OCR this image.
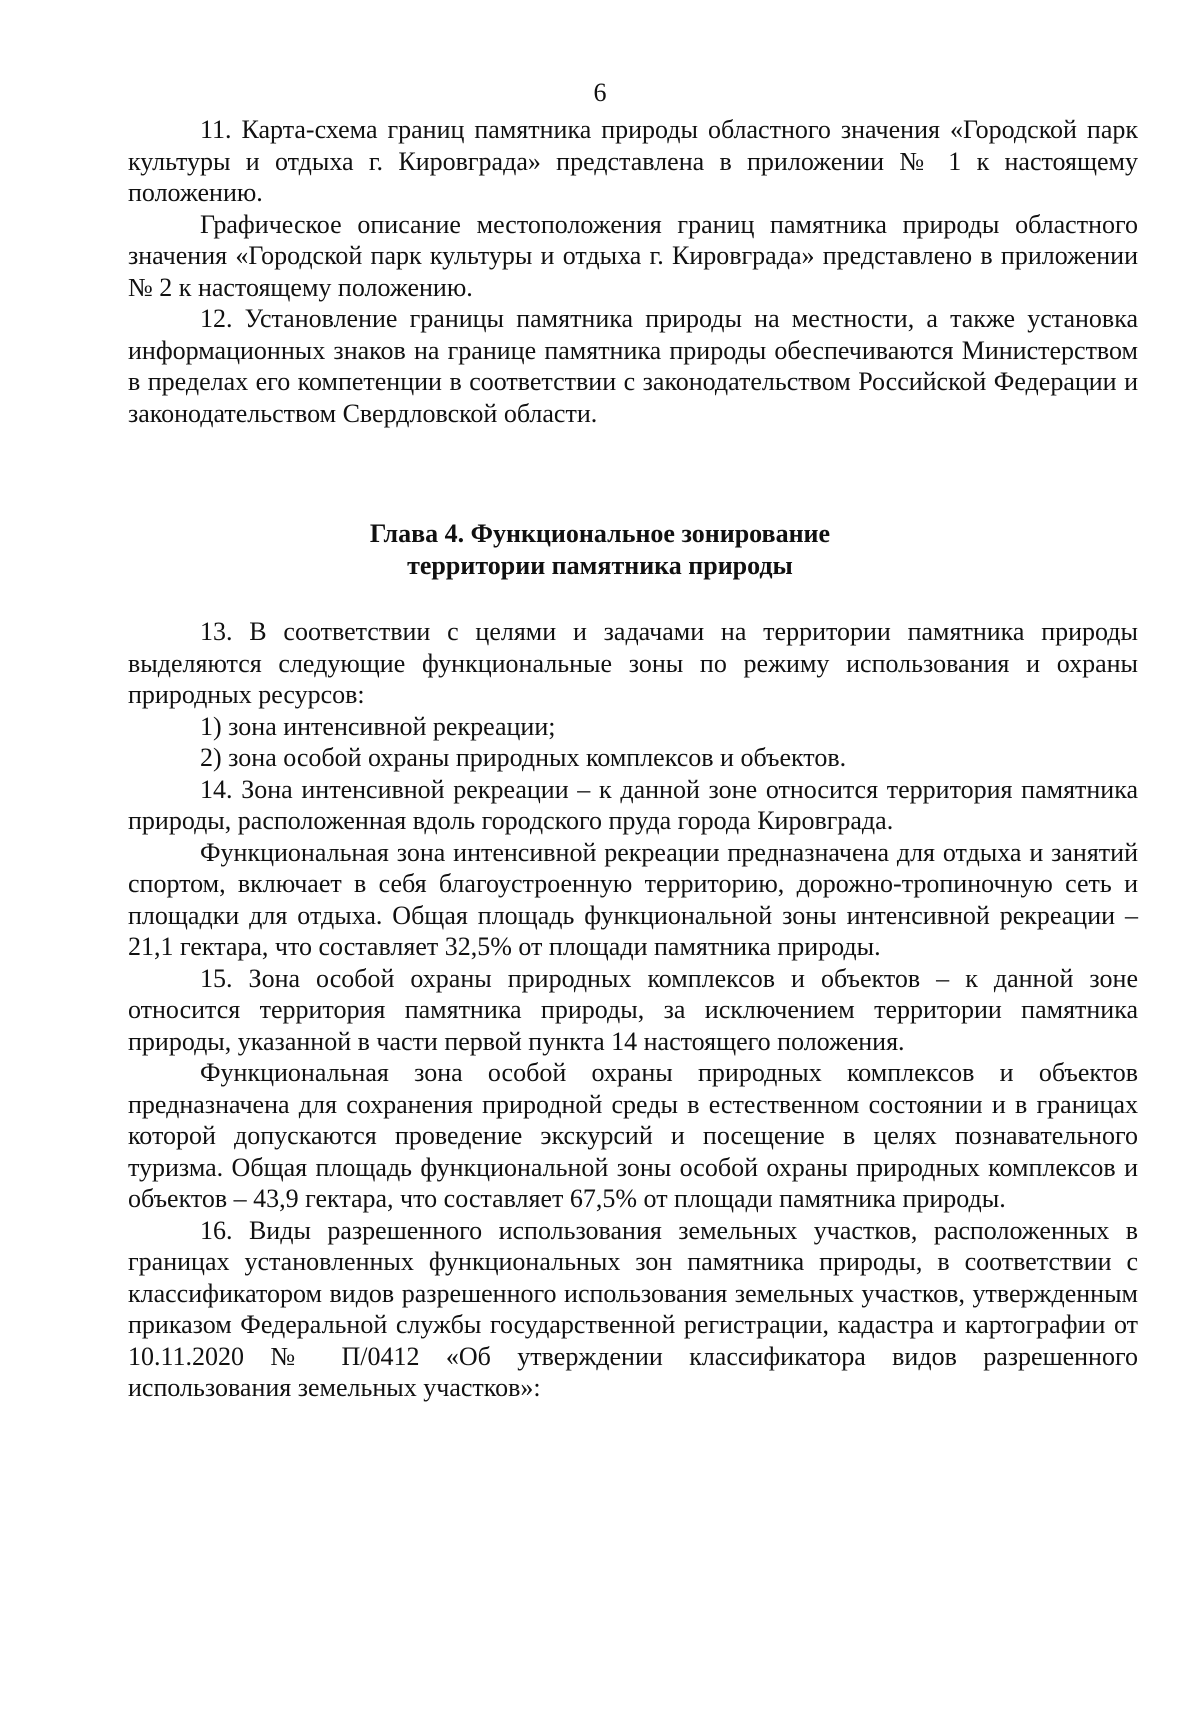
6

11. Карта-схема границ памятника природы областного значения «Городской парк культуры и отдыха г. Кировграда» представлена в приложении № 1 к настоящему положению.

Графическое описание местоположения границ памятника природы областного значения «Городской парк культуры и отдыха г. Кировграда» представлено в приложении № 2 к настоящему положению.

12. Установление границы памятника природы на местности, а также установка информационных знаков на границе памятника природы обеспечиваются Министерством в пределах его компетенции в соответствии с законодательством Российской Федерации и законодательством Свердловской области.

Глава 4. Функциональное зонирование
территории памятника природы

13. В соответствии с целями и задачами на территории памятника природы выделяются следующие функциональные зоны по режиму использования и охраны природных ресурсов:

1) зона интенсивной рекреации;

2) зона особой охраны природных комплексов и объектов.

14. Зона интенсивной рекреации – к данной зоне относится территория памятника природы, расположенная вдоль городского пруда города Кировграда.

Функциональная зона интенсивной рекреации предназначена для отдыха и занятий спортом, включает в себя благоустроенную территорию, дорожно-тропиночную сеть и площадки для отдыха. Общая площадь функциональной зоны интенсивной рекреации – 21,1 гектара, что составляет 32,5% от площади памятника природы.

15. Зона особой охраны природных комплексов и объектов – к данной зоне относится территория памятника природы, за исключением территории памятника природы, указанной в части первой пункта 14 настоящего положения.

Функциональная зона особой охраны природных комплексов и объектов предназначена для сохранения природной среды в естественном состоянии и в границах которой допускаются проведение экскурсий и посещение в целях познавательного туризма. Общая площадь функциональной зоны особой охраны природных комплексов и объектов – 43,9 гектара, что составляет 67,5% от площади памятника природы.

16. Виды разрешенного использования земельных участков, расположенных в границах установленных функциональных зон памятника природы, в соответствии с классификатором видов разрешенного использования земельных участков, утвержденным приказом Федеральной службы государственной регистрации, кадастра и картографии от 10.11.2020 № П/0412 «Об утверждении классификатора видов разрешенного использования земельных участков»:
